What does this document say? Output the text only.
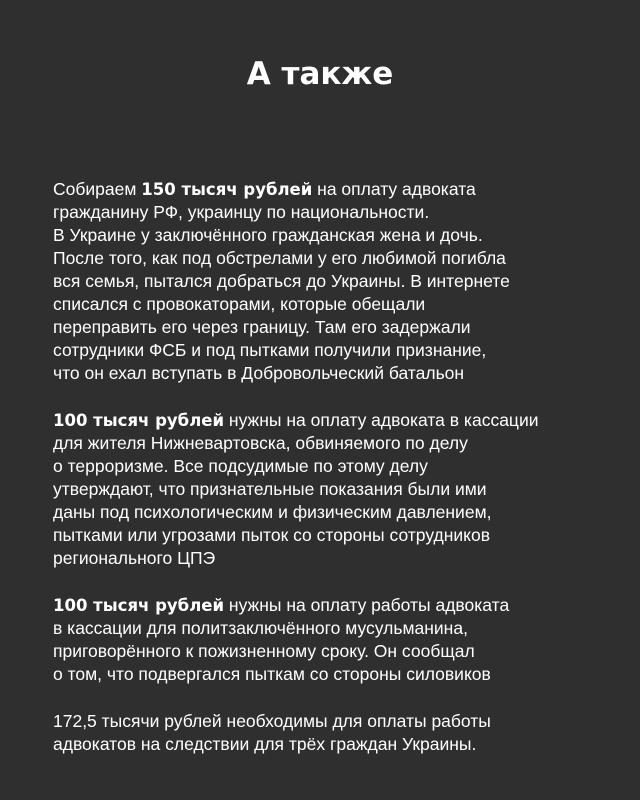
А также

Собираем 150 тысяч рублей на оплату адвоката
гражданину РФ, украинцу по национальности.
В Украине у заключённого гражданская жена и дочь.
После того, как под обстрелами у его любимой погибла
вся семья, пытался добраться до Украины. В интернете
списался с провокаторами, которые обещали
переправить его через границу. Там его задержали
сотрудники ФСБ и под пытками получили признание,
что он ехал вступать в Добровольческий батальон

100 тысяч рублей нужны на оплату адвоката в кассации
для жителя Нижневартовска, обвиняемого по делу
о терроризме. Все подсудимые по этому делу
утверждают, что признательные показания были ими
даны под психологическим и физическим давлением,
пытками или угрозами пыток со стороны сотрудников
регионального ЦПЭ

100 тысяч рублей нужны на оплату работы адвоката
в кассации для политзаключённого мусульманина,
приговорённого к пожизненному сроку. Он сообщал
о том, что подвергался пыткам со стороны силовиков

172,5 тысячи рублей необходимы для оплаты работы
адвокатов на следствии для трёх граждан Украины.
